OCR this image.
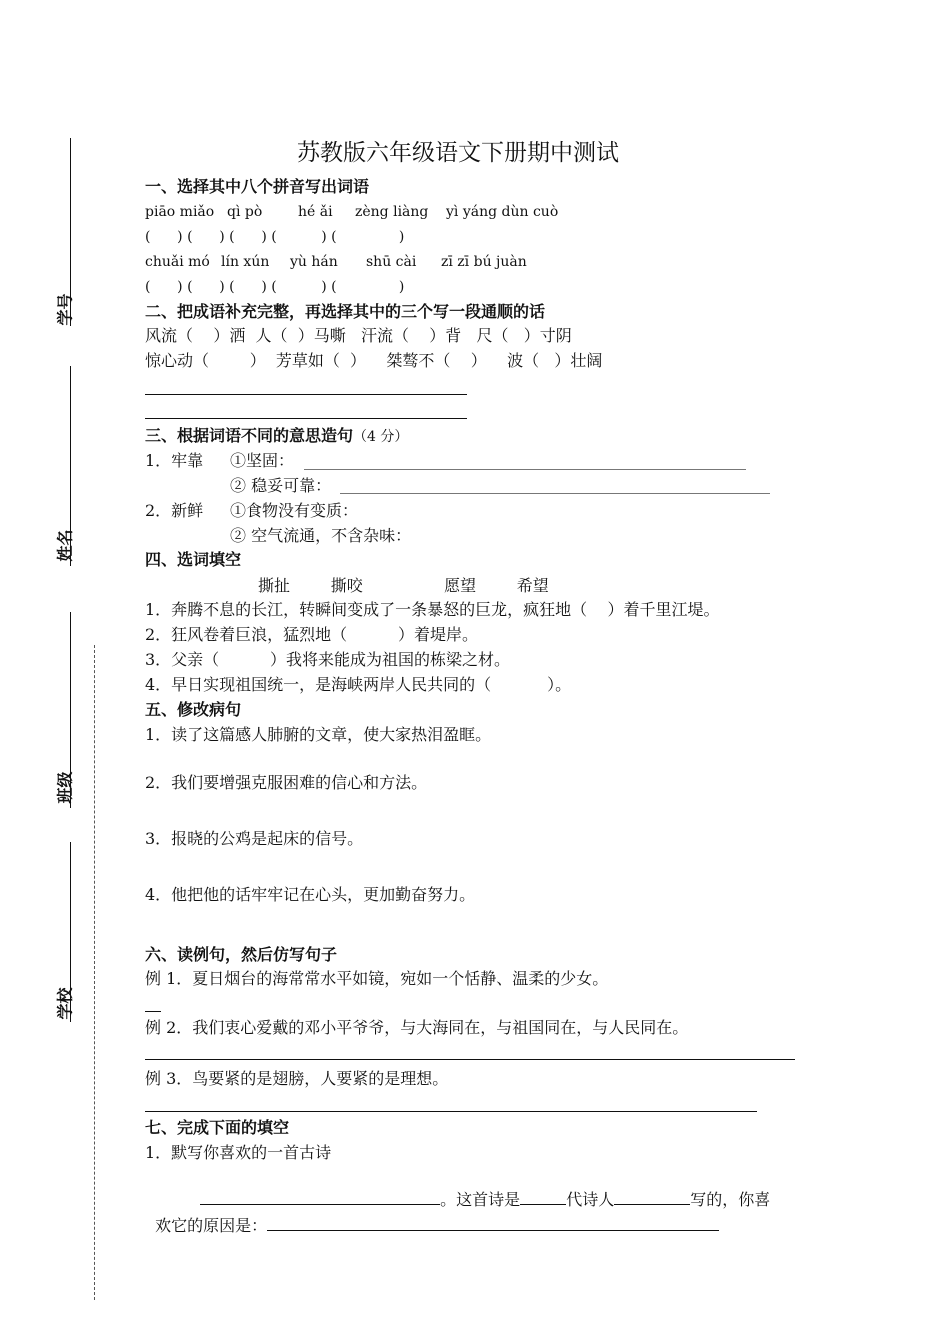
学号
姓名
班级
学校
苏教版六年级语文下册期中测试
一、选择其中八个拼音写出词语
piāo miǎo qì pò	hé ǎi zèng liàng yì yáng dùn cuò
(      ) (      ) (      ) (          ) (              )
chuǎi mó lín xún yù hán shū cài zī zī bú juàn
(      ) (      ) (      ) (          ) (              )
二、把成语补充完整，再选择其中的三个写一段通顺的话
风流（    ）洒  人（  ）马嘶   汗流（    ）背   尺（   ）寸阴
惊心动（        ）  芳草如（  ）    桀骜不（    ）    波（   ）壮阔
三、根据词语不同的意思造句（4 分）
1．牢靠 ①坚固：
② 稳妥可靠：
2．新鲜 ①食物没有变质：
② 空气流通，不含杂味：
四、选词填空
撕扯        撕咬                愿望        希望
1．奔腾不息的长江，转瞬间变成了一条暴怒的巨龙，疯狂地（    ）着千里江堤。
2．狂风卷着巨浪，猛烈地（          ）着堤岸。
3．父亲（          ）我将来能成为祖国的栋梁之材。
4．早日实现祖国统一，是海峡两岸人民共同的（           ）。
五、修改病句
1．读了这篇感人肺腑的文章，使大家热泪盈眶。
2．我们要增强克服困难的信心和方法。
3．报晓的公鸡是起床的信号。
4．他把他的话牢牢记在心头，更加勤奋努力。
六、读例句，然后仿写句子
例 1．夏日烟台的海常常水平如镜，宛如一个恬静、温柔的少女。
例 2．我们衷心爱戴的邓小平爷爷，与大海同在，与祖国同在，与人民同在。
例 3．鸟要紧的是翅膀，人要紧的是理想。
七、完成下面的填空
1．默写你喜欢的一首古诗

。这首诗是	代诗人	写的，你喜

欢它的原因是：
